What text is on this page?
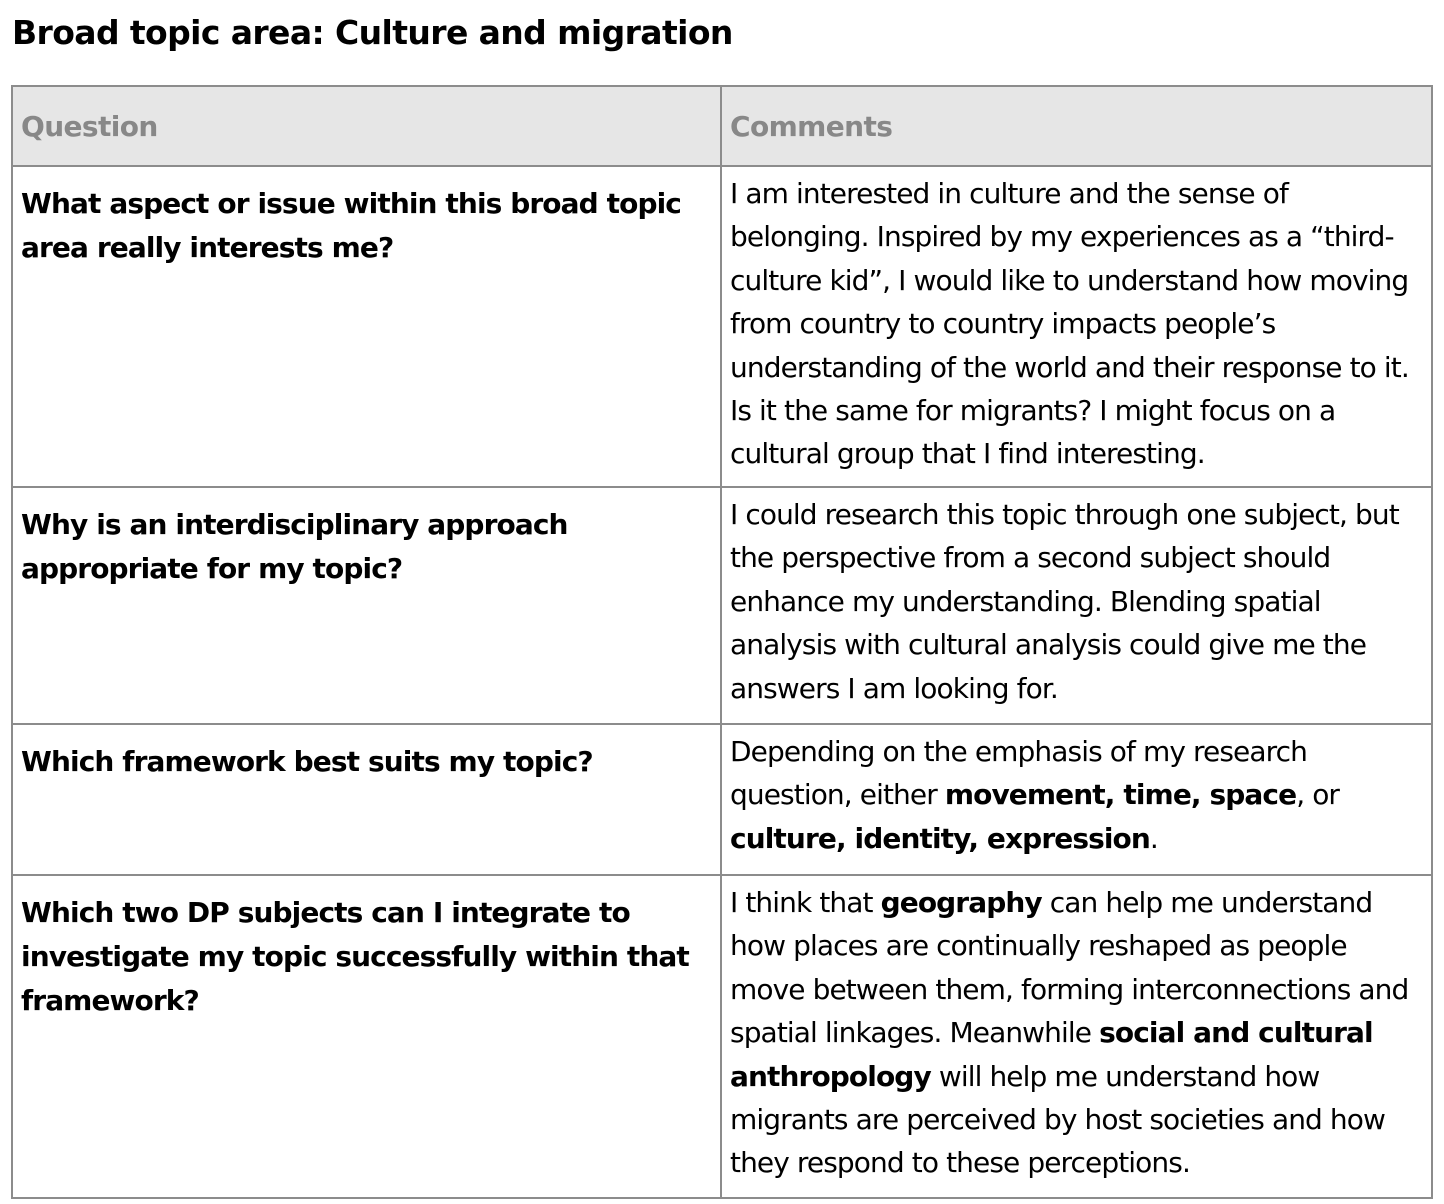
Broad topic area: Culture and migration
Question	Comments
What aspect or issue within this broad topic area really interests me?	I am interested in culture and the sense of belonging. Inspired by my experiences as a “third-culture kid”, I would like to understand how moving from country to country impacts people’s understanding of the world and their response to it. Is it the same for migrants? I might focus on a cultural group that I find interesting.
Why is an interdisciplinary approach appropriate for my topic?	I could research this topic through one subject, but the perspective from a second subject should enhance my understanding. Blending spatial analysis with cultural analysis could give me the answers I am looking for.
Which framework best suits my topic?	Depending on the emphasis of my research question, either movement, time, space, or culture, identity, expression.
Which two DP subjects can I integrate to investigate my topic successfully within that framework?	I think that geography can help me understand how places are continually reshaped as people move between them, forming interconnections and spatial linkages. Meanwhile social and cultural anthropology will help me understand how migrants are perceived by host societies and how they respond to these perceptions.
